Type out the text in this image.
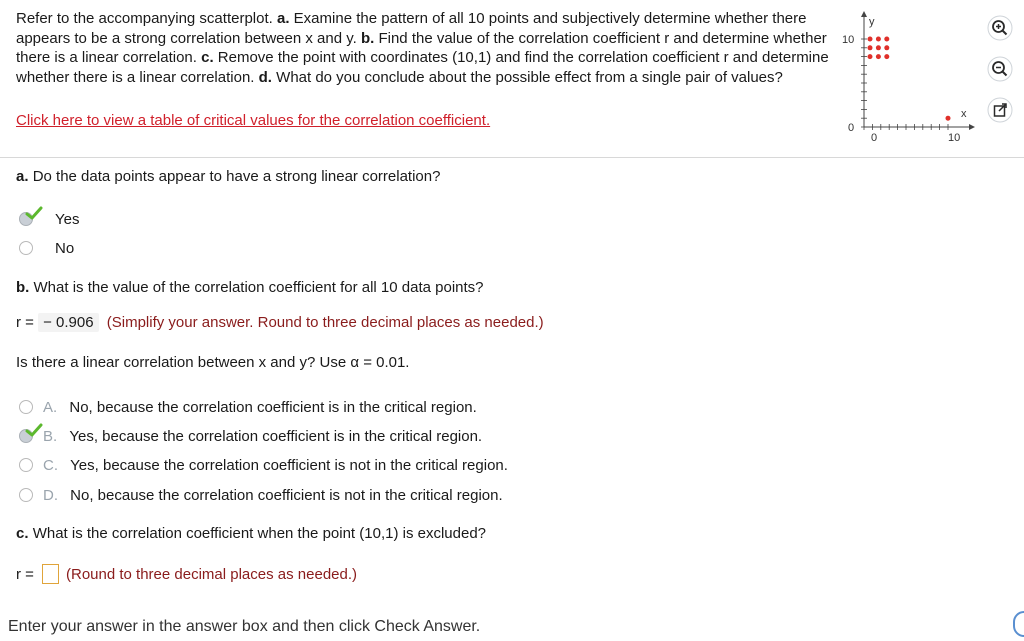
Refer to the accompanying scatterplot. a. Examine the pattern of all 10 points and subjectively determine whether there appears to be a strong correlation between x and y. b. Find the value of the correlation coefficient r and determine whether there is a linear correlation. c. Remove the point with coordinates (10,1) and find the correlation coefficient r and determine whether there is a linear correlation. d. What do you conclude about the possible effect from a single pair of values?
Click here to view a table of critical values for the correlation coefficient.
y
x
10
0
0	10
a. Do the data points appear to have a strong linear correlation?
Yes
No
b. What is the value of the correlation coefficient for all 10 data points?
r = − 0.906 (Simplify your answer. Round to three decimal places as needed.)
Is there a linear correlation between x and y? Use α = 0.01.
A. No, because the correlation coefficient is in the critical region.
B. Yes, because the correlation coefficient is in the critical region.
C. Yes, because the correlation coefficient is not in the critical region.
D. No, because the correlation coefficient is not in the critical region.
c. What is the correlation coefficient when the point (10,1) is excluded?
r = (Round to three decimal places as needed.)
Enter your answer in the answer box and then click Check Answer.
